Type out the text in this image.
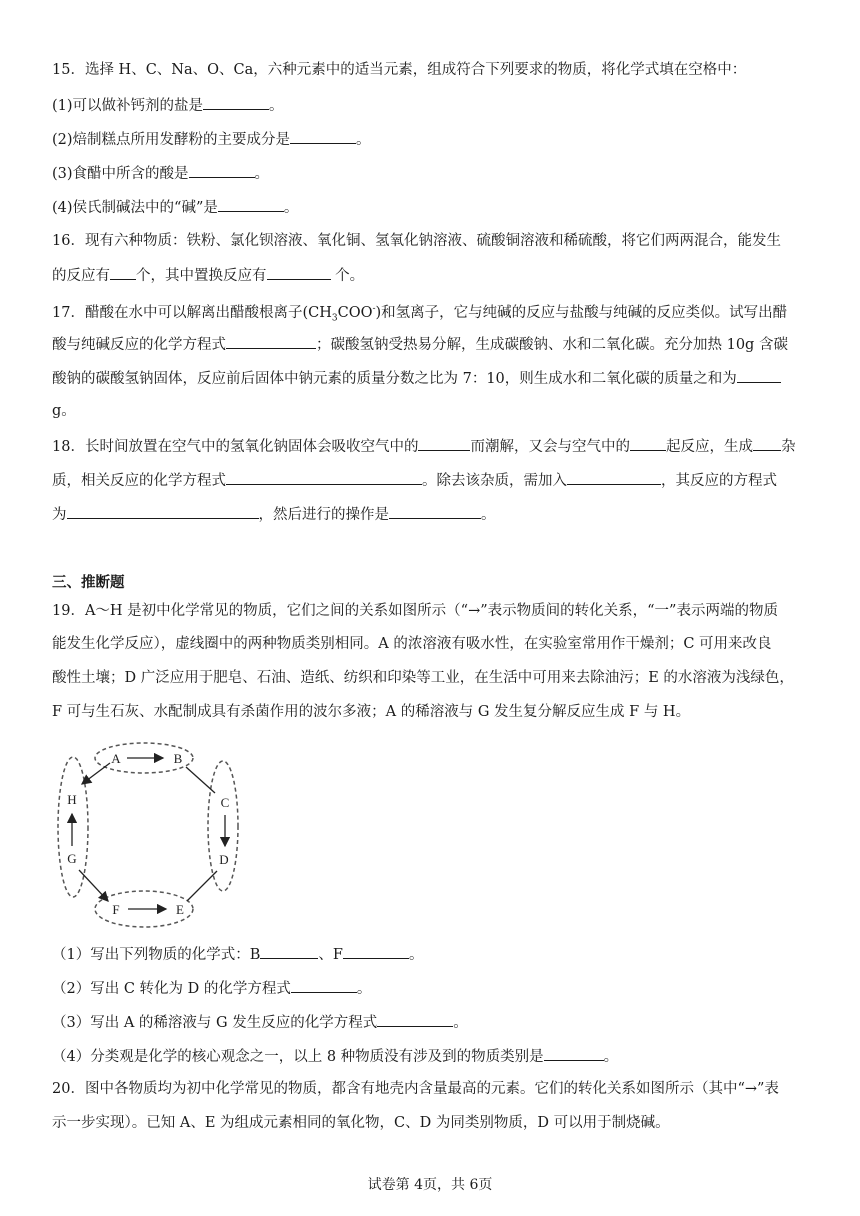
15．选择 H、C、Na、O、Ca，六种元素中的适当元素，组成符合下列要求的物质，将化学式填在空格中：
(1)可以做补钙剂的盐是	。
(2)焙制糕点所用发酵粉的主要成分是	。
(3)食醋中所含的酸是	。
(4)侯氏制碱法中的“碱”是	。
16．现有六种物质：铁粉、氯化钡溶液、氧化铜、氢氧化钠溶液、硫酸铜溶液和稀硫酸，将它们两两混合，能发生
的反应有 个，其中置换反应有	个。
17．醋酸在水中可以解离出醋酸根离子$(CH_3COO^-)$和氢离子，它与纯碱的反应与盐酸与纯碱的反应类似。试写出醋
酸与纯碱反应的化学方程式	；碳酸氢钠受热易分解，生成碳酸钠、水和二氧化碳。充分加热 10g 含碳
酸钠的碳酸氢钠固体，反应前后固体中钠元素的质量分数之比为 7：10，则生成水和二氧化碳的质量之和为
g。
18．长时间放置在空气中的氢氧化钠固体会吸收空气中的	而潮解，又会与空气中的 起反应，生成 杂
质，相关反应的化学方程式	。除去该杂质，需加入	，其反应的方程式
为	，然后进行的操作是	。
三、推断题
19．A～H 是初中化学常见的物质，它们之间的关系如图所示（“→”表示物质间的转化关系，“一”表示两端的物质
能发生化学反应），虚线圈中的两种物质类别相同。A 的浓溶液有吸水性，在实验室常用作干燥剂；C 可用来改良
酸性土壤；D 广泛应用于肥皂、石油、造纸、纺织和印染等工业，在生活中可用来去除油污；E 的水溶液为浅绿色，
F 可与生石灰、水配制成具有杀菌作用的波尔多液；A 的稀溶液与 G 发生复分解反应生成 F 与 H。
A	B
H	C
G	D
F	E
（1）写出下列物质的化学式：B	、F	。
（2）写出 C 转化为 D 的化学方程式	。
（3）写出 A 的稀溶液与 G 发生反应的化学方程式	。
（4）分类观是化学的核心观念之一，以上 8 种物质没有涉及到的物质类别是	。
20．图中各物质均为初中化学常见的物质，都含有地壳内含量最高的元素。它们的转化关系如图所示（其中“→”表
示一步实现）。已知 A、E 为组成元素相同的氧化物，C、D 为同类别物质，D 可以用于制烧碱。
试卷第 4页，共 6页
